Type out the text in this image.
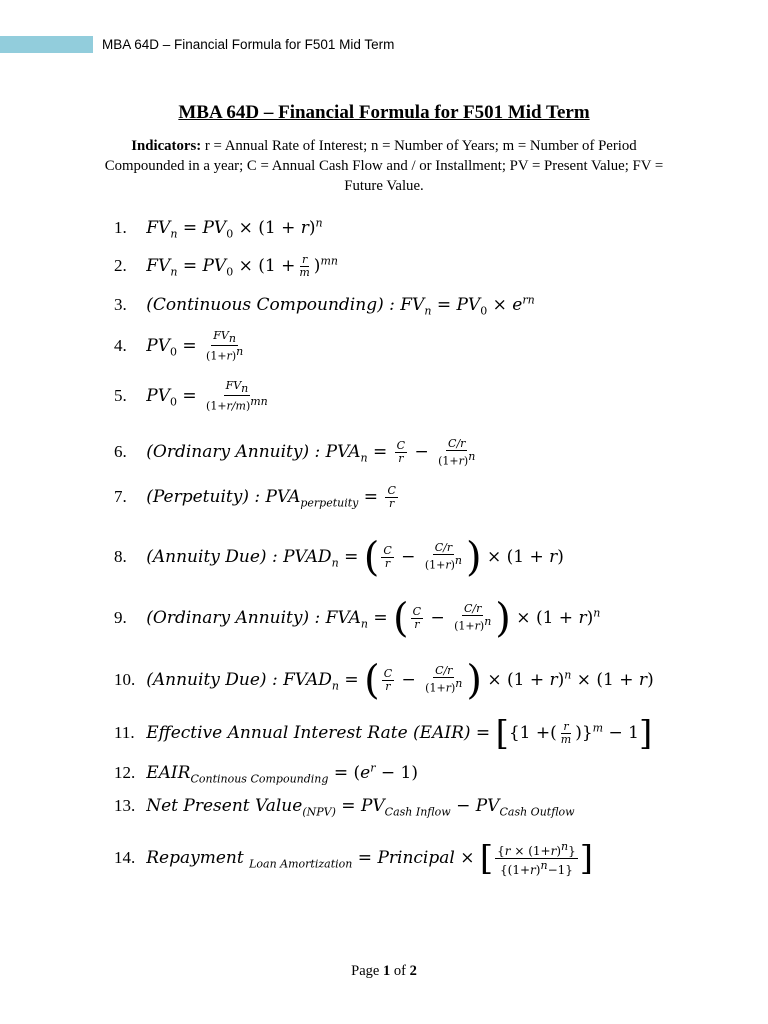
MBA 64D – Financial Formula for F501 Mid Term
MBA 64D – Financial Formula for F501 Mid Term
Indicators: r = Annual Rate of Interest; n = Number of Years; m = Number of Period Compounded in a year; C = Annual Cash Flow and / or Installment; PV = Present Value; FV = Future Value.
1. $FV_n = PV_0 \times (1 + r)^n$
2. $FV_n = PV_0 \times (1 + \frac{r}{m} )^{mn}$
3. (Continuous Compounding) : $FV_n = PV_0 \times e^{rn}$
4. $PV_0 = \frac{FV_n}{(1+r)^n}$
5. $PV_0 = \frac{FV_n}{(1+r/m)^{mn}}$
6. (Ordinary Annuity) : $PVA_n = \frac{C}{r} - \frac{C/r}{(1+r)^n}$
7. (Perpetuity) : $PVA_{perpetuity} = \frac{C}{r}$
8. (Annuity Due) : $PVAD_n$ = ( $\frac{C}{r} - \frac{C/r}{(1+r)^n}$ ) × (1 + r)
9. (Ordinary Annuity) : $FVA_n$ = ( $\frac{C}{r} - \frac{C/r}{(1+r)^n}$ ) × $(1 + r)^n$
10. (Annuity Due) : $FVAD_n$ = ( $\frac{C}{r} - \frac{C/r}{(1+r)^n}$ ) × $(1 + r)^n \times (1 + r)$
11. Effective Annual Interest Rate (EAIR) = [{1 +( $\frac{r}{m} )\}^m - 1$]
12. $EAIR_{Continous Compounding} = (e^r - 1)$
13. Net Present Value$_{(NPV)}$ = $PV_{Cash Inflow} - PV_{Cash Outflow}$
14. Repayment $_{Loan Amortization}$ = Principal × [ $\frac{\{r \times (1+r)^n\}}{\{(1+r)^n-1\}}$ ]
Page 1 of 2
